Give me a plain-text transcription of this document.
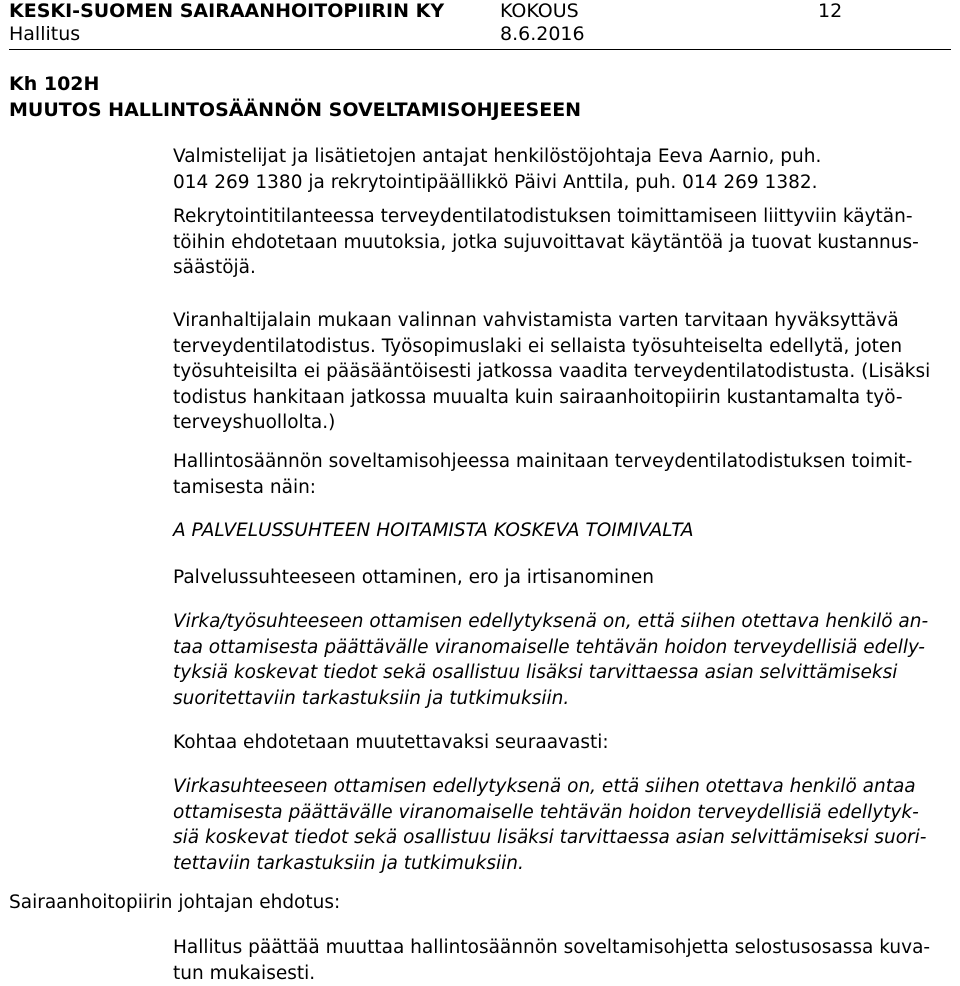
KESKI-SUOMEN SAIRAANHOITOPIIRIN KY	KOKOUS	12
Hallitus	8.6.2016
Kh 102H
MUUTOS HALLINTOSÄÄNNÖN SOVELTAMISOHJEESEEN

Valmistelijat ja lisätietojen antajat henkilöstöjohtaja Eeva Aarnio, puh.
014 269 1380 ja rekrytointipäällikkö Päivi Anttila, puh. 014 269 1382.

Rekrytointitilanteessa terveydentilatodistuksen toimittamiseen liittyviin käytän-
töihin ehdotetaan muutoksia, jotka sujuvoittavat käytäntöä ja tuovat kustannus-
säästöjä.

Viranhaltijalain mukaan valinnan vahvistamista varten tarvitaan hyväksyttävä
terveydentilatodistus. Työsopimuslaki ei sellaista työsuhteiselta edellytä, joten
työsuhteisilta ei pääsääntöisesti jatkossa vaadita terveydentilatodistusta. (Lisäksi
todistus hankitaan jatkossa muualta kuin sairaanhoitopiirin kustantamalta työ-
terveyshuollolta.)

Hallintosäännön soveltamisohjeessa mainitaan terveydentilatodistuksen toimit-
tamisesta näin:

A PALVELUSSUHTEEN HOITAMISTA KOSKEVA TOIMIVALTA

Palvelussuhteeseen ottaminen, ero ja irtisanominen

Virka/työsuhteeseen ottamisen edellytyksenä on, että siihen otettava henkilö an-
taa ottamisesta päättävälle viranomaiselle tehtävän hoidon terveydellisiä edelly-
tyksiä koskevat tiedot sekä osallistuu lisäksi tarvittaessa asian selvittämiseksi
suoritettaviin tarkastuksiin ja tutkimuksiin.

Kohtaa ehdotetaan muutettavaksi seuraavasti:

Virkasuhteeseen ottamisen edellytyksenä on, että siihen otettava henkilö antaa
ottamisesta päättävälle viranomaiselle tehtävän hoidon terveydellisiä edellytyk-
siä koskevat tiedot sekä osallistuu lisäksi tarvittaessa asian selvittämiseksi suori-
tettaviin tarkastuksiin ja tutkimuksiin.

Sairaanhoitopiirin johtajan ehdotus:

Hallitus päättää muuttaa hallintosäännön soveltamisohjetta selostusosassa kuva-
tun mukaisesti.
